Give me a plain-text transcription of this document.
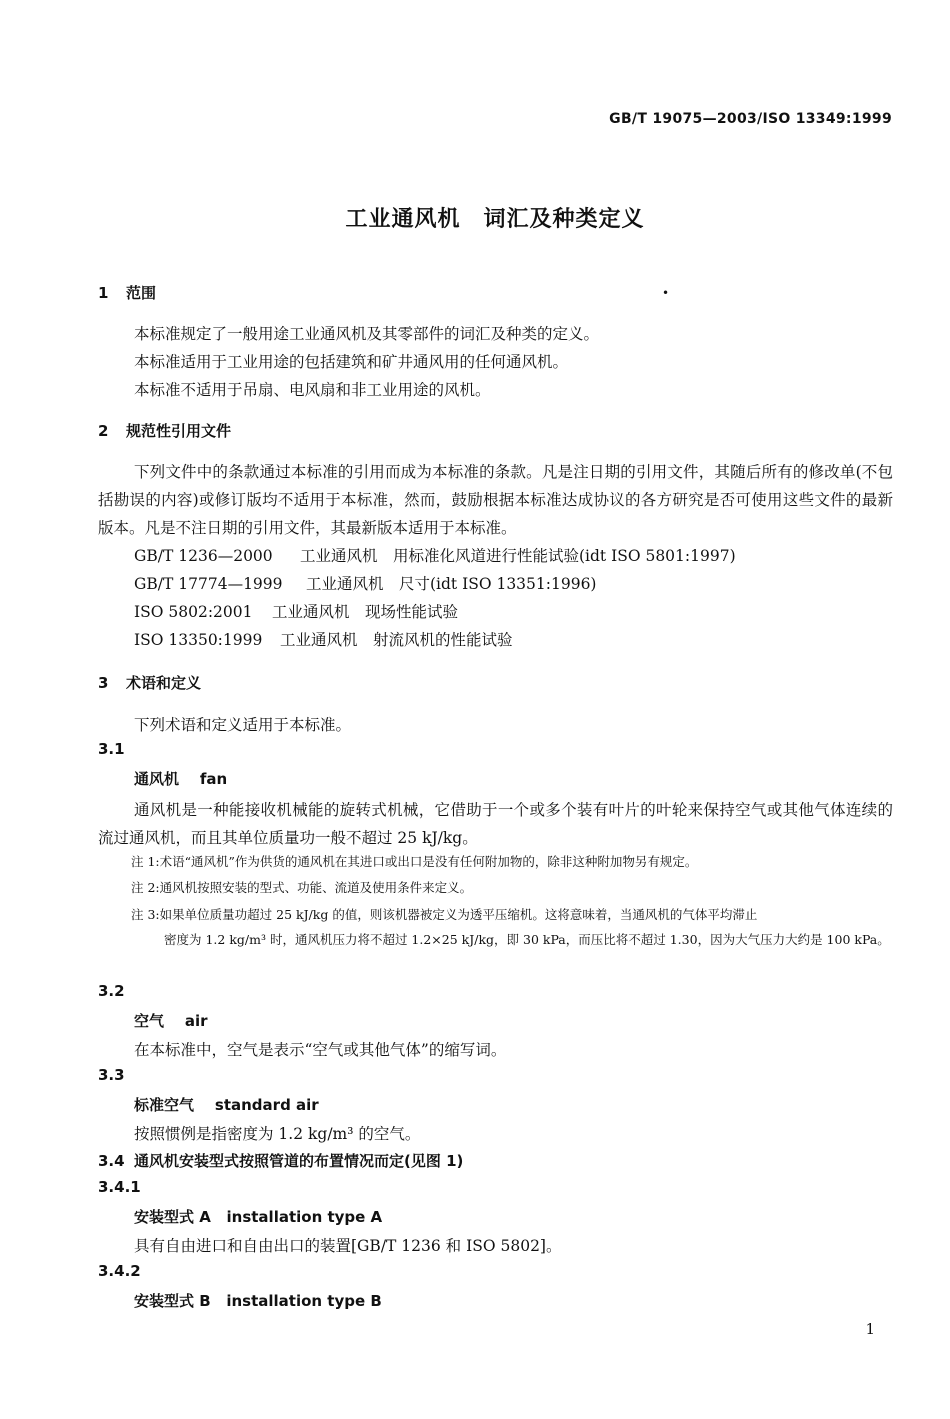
GB/T 19075—2003/ISO 13349:1999
工业通风机　词汇及种类定义
1 范围	•
本标准规定了一般用途工业通风机及其零部件的词汇及种类的定义。
本标准适用于工业用途的包括建筑和矿井通风用的任何通风机。
本标准不适用于吊扇、电风扇和非工业用途的风机。
2 规范性引用文件
下列文件中的条款通过本标准的引用而成为本标准的条款。凡是注日期的引用文件，其随后所有的修改单(不包括勘误的内容)或修订版均不适用于本标准，然而，鼓励根据本标准达成协议的各方研究是否可使用这些文件的最新版本。凡是不注日期的引用文件，其最新版本适用于本标准。
GB/T 1236—2000 工业通风机　用标准化风道进行性能试验(idt ISO 5801:1997)
GB/T 17774—1999 工业通风机　尺寸(idt ISO 13351:1996)
ISO 5802:2001 工业通风机　现场性能试验
ISO 13350:1999 工业通风机　射流风机的性能试验
3 术语和定义
下列术语和定义适用于本标准。
3.1
通风机 fan
通风机是一种能接收机械能的旋转式机械，它借助于一个或多个装有叶片的叶轮来保持空气或其他气体连续的流过通风机，而且其单位质量功一般不超过 25 kJ/kg。
注 1:术语“通风机”作为供货的通风机在其进口或出口是没有任何附加物的，除非这种附加物另有规定。
注 2:通风机按照安装的型式、功能、流道及使用条件来定义。
注 3:如果单位质量功超过 25 kJ/kg 的值，则该机器被定义为透平压缩机。这将意味着，当通风机的气体平均滞止
密度为 1.2 kg/m³ 时，通风机压力将不超过 1.2×25 kJ/kg，即 30 kPa，而压比将不超过 1.30，因为大气压力大约是 100 kPa。
3.2
空气 air
在本标准中，空气是表示“空气或其他气体”的缩写词。
3.3
标准空气 standard air
按照惯例是指密度为 1.2 kg/m³ 的空气。
3.4 通风机安装型式按照管道的布置情况而定(见图 1)
3.4.1
安装型式 A installation type A
具有自由进口和自由出口的装置[GB/T 1236 和 ISO 5802]。
3.4.2
安装型式 B installation type B
1
